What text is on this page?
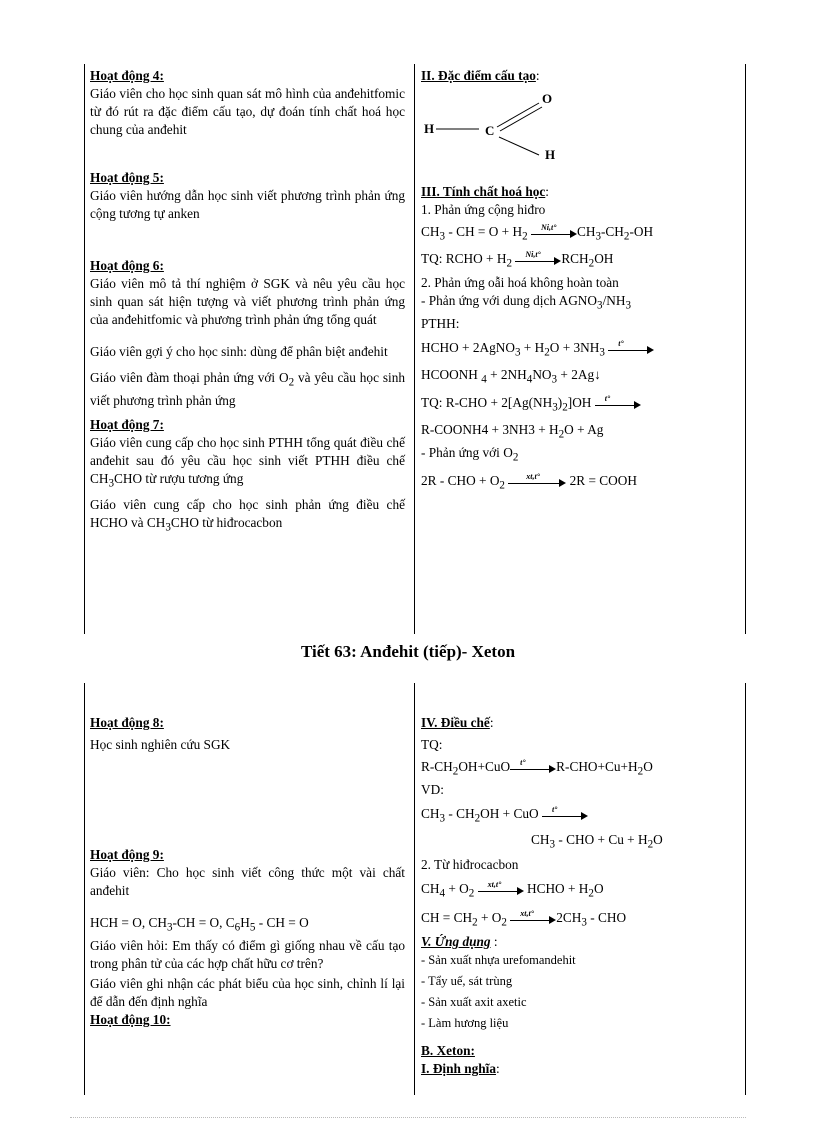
Hoạt động 4:

Giáo viên cho học sinh quan sát mô hình của anđehitfomic từ đó rút ra đặc điểm cấu tạo, dự đoán tính chất hoá học chung của anđehit

Hoạt động 5:

Giáo viên hướng dẫn học sinh viết phương trình phản ứng cộng tương tự anken

Hoạt động 6:

Giáo viên mô tả thí nghiệm ở SGK và nêu yêu cầu học sinh quan sát hiện tượng và viết phương trình phản ứng của anđehitfomic và phương trình phản ứng tổng quát

Giáo viên gợi ý cho học sinh: dùng để phân biệt anđehit

Giáo viên đàm thoại phản ứng với $O_2$ và yêu cầu học sinh viết phương trình phản ứng

Hoạt động 7:

Giáo viên cung cấp cho học sinh PTHH tổng quát điều chế anđehit sau đó yêu cầu học sinh viết PTHH điều chế $CH_3CHO$ từ rượu tương ứng

Giáo viên cung cấp cho học sinh phản ứng điều chế HCHO và $CH_3CHO$ từ hiđrocacbon

II. Đặc điểm cấu tạo:
H	C
O
H
III. Tính chất hoá học:
1. Phản ứng cộng hiđro
$CH_3$ - CH = $O + H_2$
Ni,t° $CH_3-CH_2-OH$
TQ: RCHO + $H_2$
Ni,t° $RCH_2OH$
2. Phản ứng oẫi hoá không hoàn toàn
- Phản ứng với dung dịch $AGNO_3/NH_3$
PTHH:
HCHO + 2AgNO$_3$ + $H_2O + 3NH_3$
t°
HCOONH $_4 + 2NH_4NO_3$ + 2Ag↓
TQ: $R-CHO + 2[Ag(NH_3)_2]OH$ t°
R-COONH4 + $3NH3 + H_2O + Ag$
- Phản ứng với $O_2$
2R - CHO + $O_2$
xt,t° 2R = COOH
Tiết 63: Anđehit (tiếp)- Xeton
Hoạt động 8:

Học sinh nghiên cứu SGK

Hoạt động 9:

Giáo viên: Cho học sinh viết công thức một vài chất anđehit

HCH = O, $CH_3-CH = O$, $C_6H_5$ - CH = O

Giáo viên hỏi: Em thấy có điểm gì giống nhau về cấu tạo trong phân tử của các hợp chất hữu cơ trên?

Giáo viên ghi nhận các phát biểu của học sinh, chỉnh lí lại để dẫn đến định nghĩa

Hoạt động 10:
IV. Điều chế:
TQ:
$R-CH_2OH+CuO$ t° $R-CHO+Cu+H_2O$
VD:
$CH_3 - CH_2OH$ + CuO t°
$CH_3$ - CHO + $Cu + H_2O$
2. Từ hiđrocacbon
$CH_4 + O_2$
xt,t° HCHO + $H_2O$
CH = $CH_2 + O_2$
xt,t° $2CH_3$ - CHO
V. Ứng dụng :
- Sản xuất nhựa urefomandehit
- Tẩy uế, sát trùng
- Sản xuất axit axetic
- Làm hương liệu
B. Xeton:
I. Định nghĩa:
